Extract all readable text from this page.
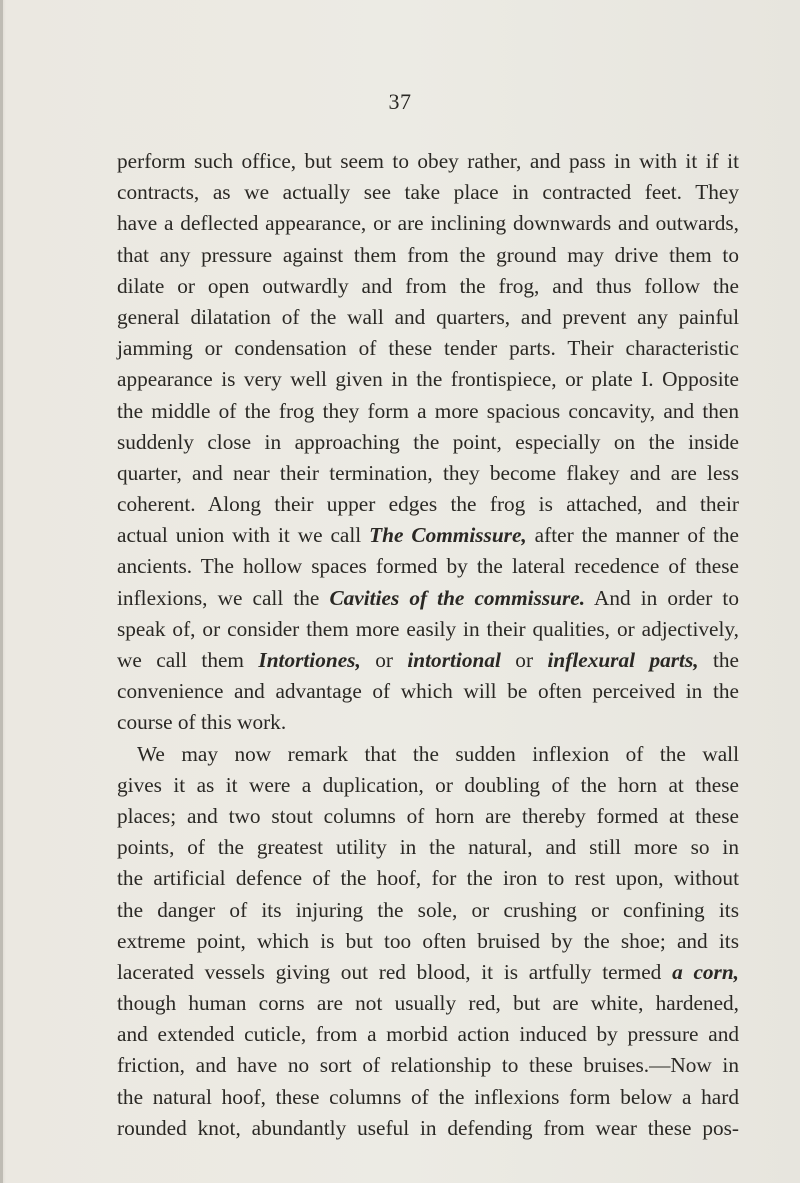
37
perform such office, but seem to obey rather, and pass in with it if it
contracts, as we actually see take place in contracted feet. They
have a deflected appearance, or are inclining downwards and outwards,
that any pressure against them from the ground may drive them to
dilate or open outwardly and from the frog, and thus follow the
general dilatation of the wall and quarters, and prevent any painful
jamming or condensation of these tender parts. Their characteristic
appearance is very well given in the frontispiece, or plate I. Opposite
the middle of the frog they form a more spacious concavity, and then
suddenly close in approaching the point, especially on the inside
quarter, and near their termination, they become flakey and are less
coherent. Along their upper edges the frog is attached, and their
actual union with it we call The Commissure, after the manner of the
ancients. The hollow spaces formed by the lateral recedence of these
inflexions, we call the Cavities of the commissure. And in order to
speak of, or consider them more easily in their qualities, or adjectively,
we call them Intortiones, or intortional or inflexural parts, the
convenience and advantage of which will be often perceived in the
course of this work.
We may now remark that the sudden inflexion of the wall
gives it as it were a duplication, or doubling of the horn at these
places; and two stout columns of horn are thereby formed at these
points, of the greatest utility in the natural, and still more so in
the artificial defence of the hoof, for the iron to rest upon, without
the danger of its injuring the sole, or crushing or confining its
extreme point, which is but too often bruised by the shoe; and its
lacerated vessels giving out red blood, it is artfully termed a corn,
though human corns are not usually red, but are white, hardened,
and extended cuticle, from a morbid action induced by pressure and
friction, and have no sort of relationship to these bruises.—Now in
the natural hoof, these columns of the inflexions form below a hard
rounded knot, abundantly useful in defending from wear these pos-
